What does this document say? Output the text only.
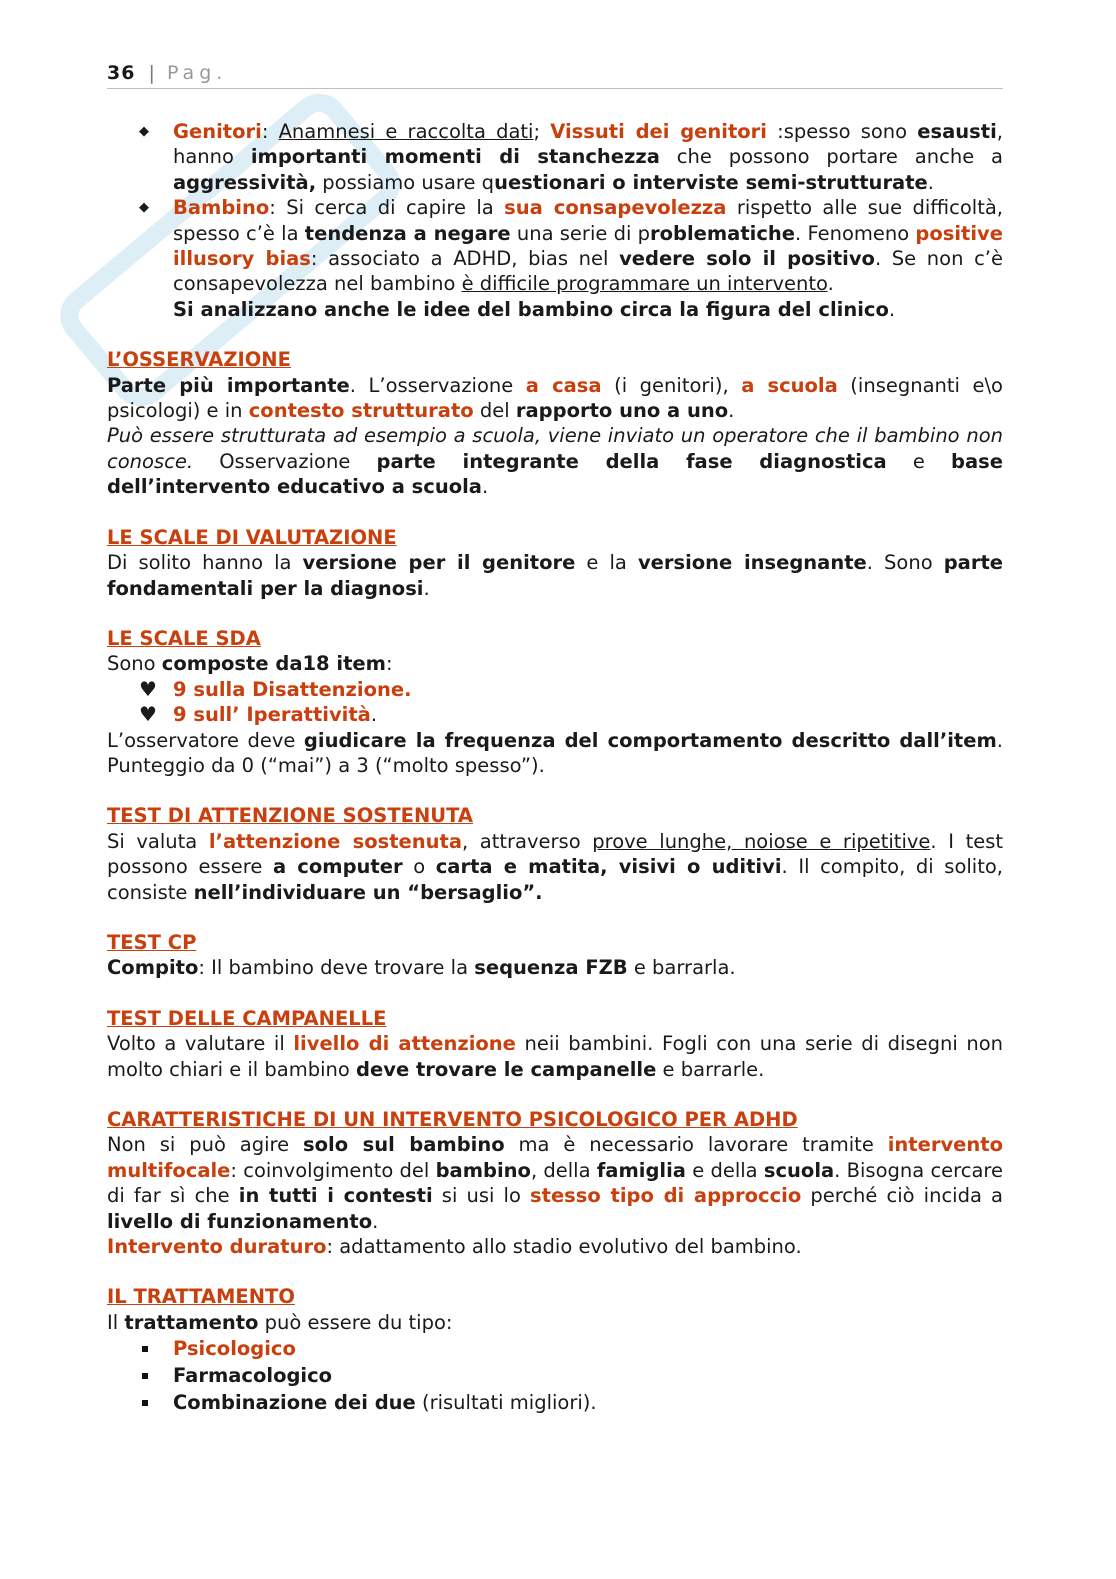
36 | Pag.
◆ Genitori: Anamnesi e raccolta dati; Vissuti dei genitori :spesso sono esausti, hanno importanti momenti di stanchezza che possono portare anche a aggressività, possiamo usare questionari o interviste semi-strutturate.
◆ Bambino: Si cerca di capire la sua consapevolezza rispetto alle sue difficoltà, spesso c’è la tendenza a negare una serie di problematiche. Fenomeno positive illusory bias: associato a ADHD, bias nel vedere solo il positivo. Se non c’è consapevolezza nel bambino è difficile programmare un intervento.
Si analizzano anche le idee del bambino circa la figura del clinico.
L’OSSERVAZIONE

Parte più importante. L’osservazione a casa (i genitori), a scuola (insegnanti e\o psicologi) e in contesto strutturato del rapporto uno a uno.
Può essere strutturata ad esempio a scuola, viene inviato un operatore che il bambino non conosce. Osservazione parte integrante della fase diagnostica e base dell’intervento educativo a scuola.

LE SCALE DI VALUTAZIONE

Di solito hanno la versione per il genitore e la versione insegnante. Sono parte fondamentali per la diagnosi.

LE SCALE SDA

Sono composte da18 item:

♥ 9 sulla Disattenzione.
♥ 9 sull’ Iperattività.

L’osservatore deve giudicare la frequenza del comportamento descritto dall’item. Punteggio da 0 (“mai”) a 3 (“molto spesso”).

TEST DI ATTENZIONE SOSTENUTA

Si valuta l’attenzione sostenuta, attraverso prove lunghe, noiose e ripetitive. I test possono essere a computer o carta e matita, visivi o uditivi. Il compito, di solito, consiste nell’individuare un “bersaglio”.

TEST CP

Compito: Il bambino deve trovare la sequenza FZB e barrarla.

TEST DELLE CAMPANELLE

Volto a valutare il livello di attenzione neii bambini. Fogli con una serie di disegni non molto chiari e il bambino deve trovare le campanelle e barrarle.

CARATTERISTICHE DI UN INTERVENTO PSICOLOGICO PER ADHD

Non si può agire solo sul bambino ma è necessario lavorare tramite intervento multifocale: coinvolgimento del bambino, della famiglia e della scuola. Bisogna cercare di far sì che in tutti i contesti si usi lo stesso tipo di approccio perché ciò incida a livello di funzionamento.
Intervento duraturo: adattamento allo stadio evolutivo del bambino.

IL TRATTAMENTO

Il trattamento può essere du tipo:

Psicologico
Farmacologico
Combinazione dei due (risultati migliori).
